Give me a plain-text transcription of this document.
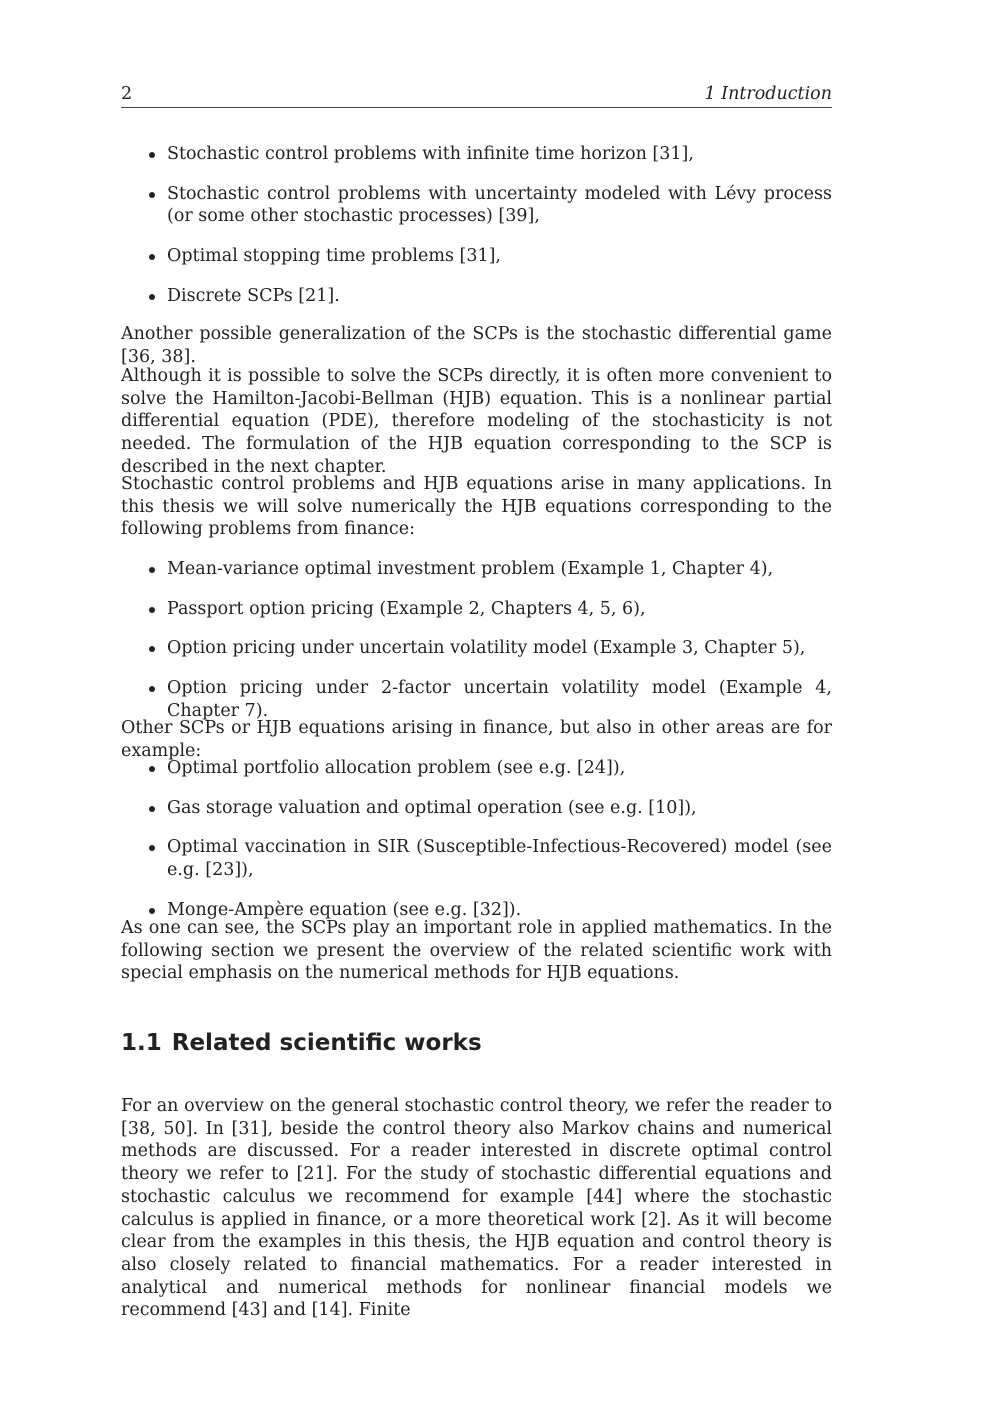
2	1 Introduction
Stochastic control problems with infinite time horizon [31],
Stochastic control problems with uncertainty modeled with Lévy process (or some other stochastic processes) [39],
Optimal stopping time problems [31],
Discrete SCPs [21].

Another possible generalization of the SCPs is the stochastic differential game [36, 38].

Although it is possible to solve the SCPs directly, it is often more convenient to solve the Hamilton-Jacobi-Bellman (HJB) equation. This is a nonlinear partial differential equation (PDE), therefore modeling of the stochasticity is not needed. The formulation of the HJB equation corresponding to the SCP is described in the next chapter.

Stochastic control problems and HJB equations arise in many applications. In this thesis we will solve numerically the HJB equations corresponding to the following problems from finance:

Mean-variance optimal investment problem (Example 1, Chapter 4),
Passport option pricing (Example 2, Chapters 4, 5, 6),
Option pricing under uncertain volatility model (Example 3, Chapter 5),
Option pricing under 2-factor uncertain volatility model (Example 4, Chapter 7).

Other SCPs or HJB equations arising in finance, but also in other areas are for example:

Optimal portfolio allocation problem (see e.g. [24]),
Gas storage valuation and optimal operation (see e.g. [10]),
Optimal vaccination in SIR (Susceptible-Infectious-Recovered) model (see e.g. [23]),
Monge-Ampère equation (see e.g. [32]).

As one can see, the SCPs play an important role in applied mathematics. In the following section we present the overview of the related scientific work with special emphasis on the numerical methods for HJB equations.

1.1 Related scientific works

For an overview on the general stochastic control theory, we refer the reader to [38, 50]. In [31], beside the control theory also Markov chains and numerical methods are discussed. For a reader interested in discrete optimal control theory we refer to [21]. For the study of stochastic differential equations and stochastic calculus we recommend for example [44] where the stochastic calculus is applied in finance, or a more theoretical work [2]. As it will become clear from the examples in this thesis, the HJB equation and control theory is also closely related to financial mathematics. For a reader interested in analytical and numerical methods for nonlinear financial models we recommend [43] and [14]. Finite
